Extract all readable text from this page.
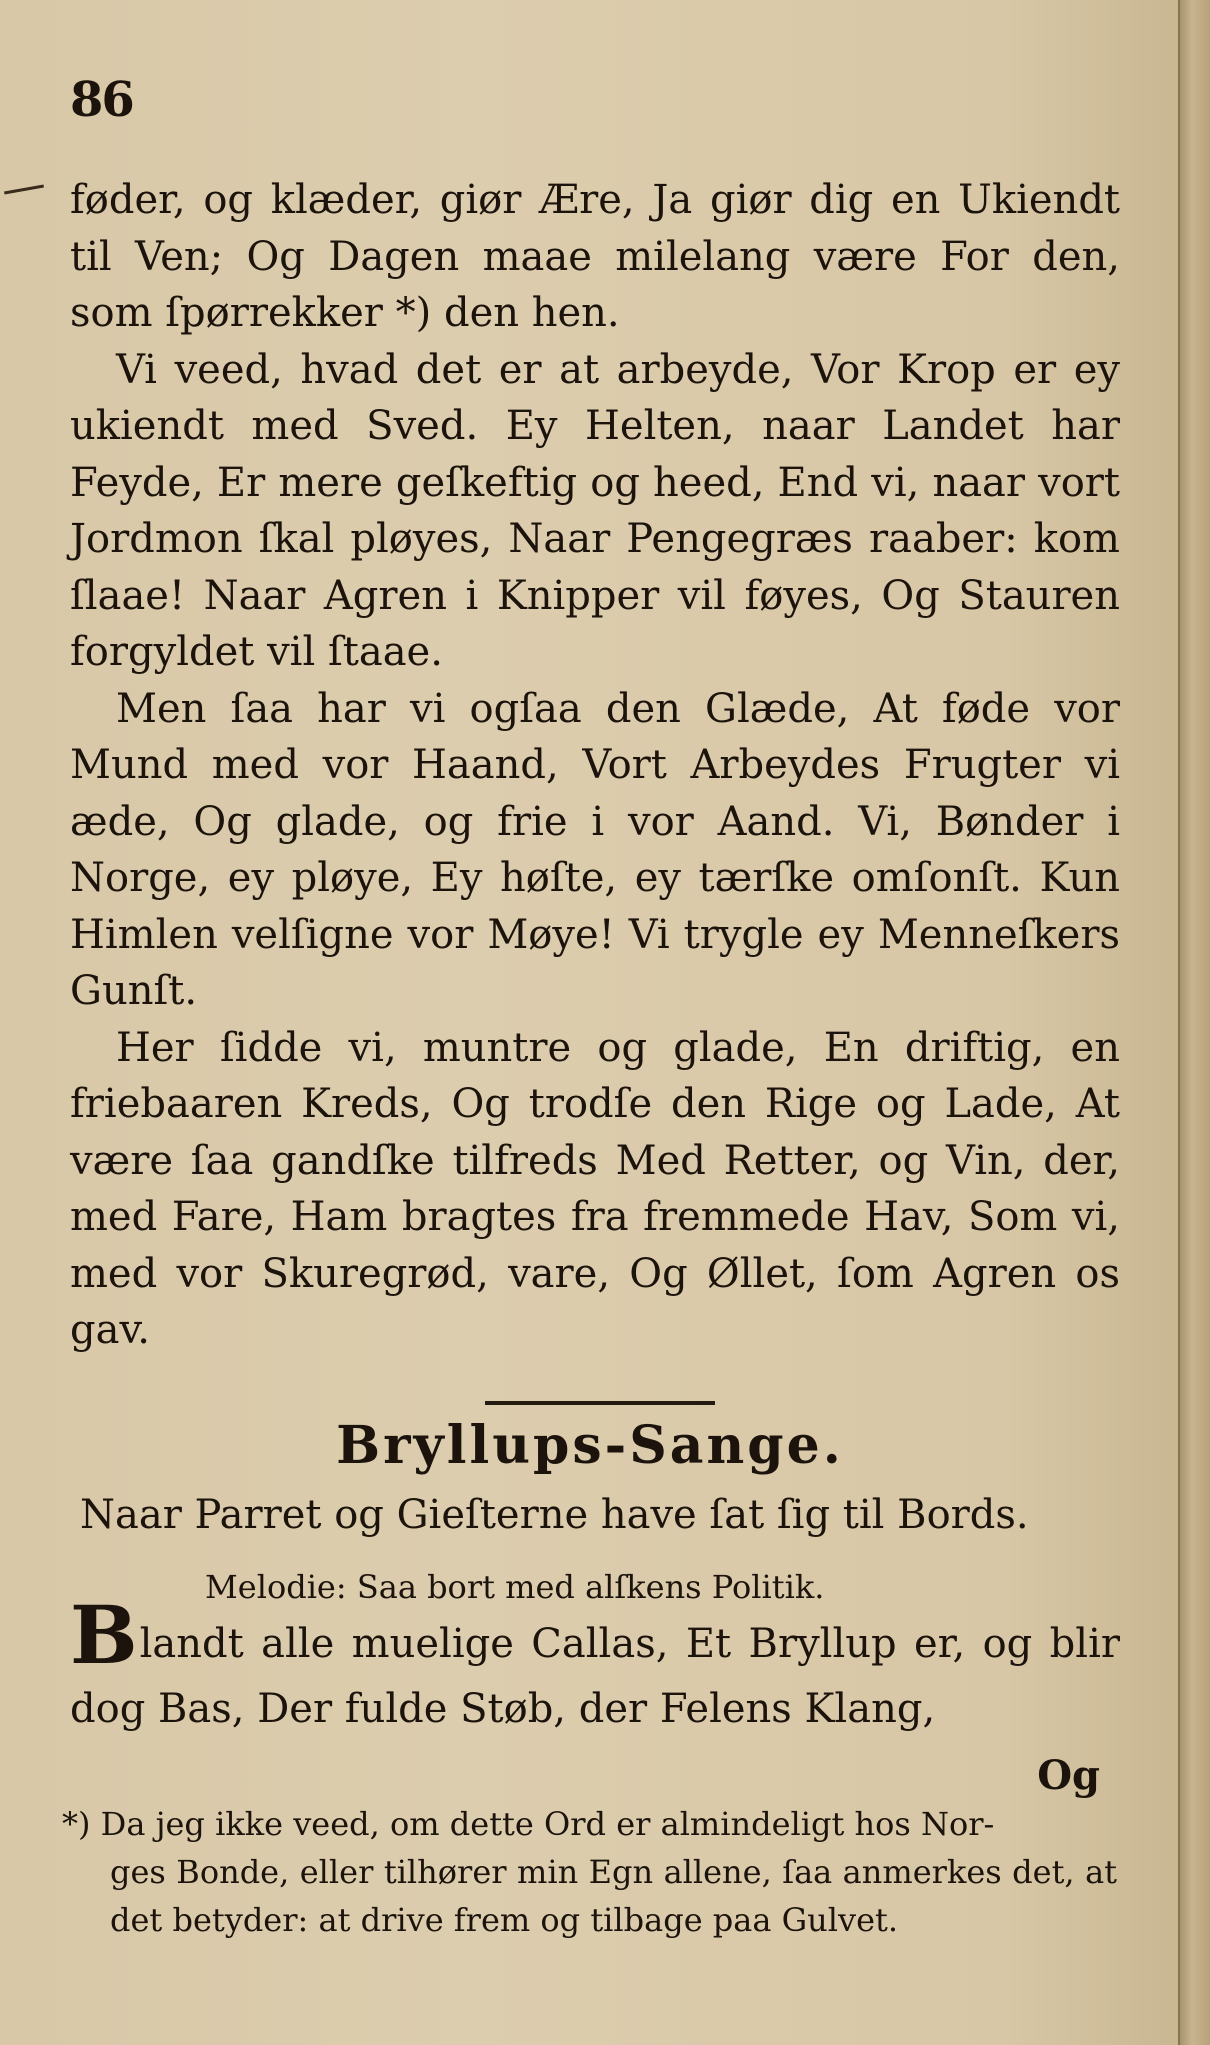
86

føder, og klæder, giør Ære, Ja giør dig en Ukiendt til Ven; Og Dagen maae milelang være For den, som ſpørrekker *) den hen.

Vi veed, hvad det er at arbeyde, Vor Krop er ey ukiendt med Sved. Ey Helten, naar Landet har Feyde, Er mere geſkeftig og heed, End vi, naar vort Jordmon ſkal pløyes, Naar Pengegræs raaber: kom ſlaae! Naar Agren i Knipper vil føyes, Og Stauren forgyldet vil ſtaae.

Men ſaa har vi ogſaa den Glæde, At føde vor Mund med vor Haand, Vort Arbeydes Frugter vi æde, Og glade, og frie i vor Aand. Vi, Bønder i Norge, ey pløye, Ey høſte, ey tærſke omſonſt. Kun Himlen velſigne vor Møye! Vi trygle ey Menneſkers Gunſt.

Her ſidde vi, muntre og glade, En driftig, en friebaaren Kreds, Og trodſe den Rige og Lade, At være ſaa gandſke tilfreds Med Retter, og Vin, der, med Fare, Ham bragtes fra fremmede Hav, Som vi, med vor Skuregrød, vare, Og Øllet, ſom Agren os gav.

Bryllups-Sange.
Naar Parret og Gieſterne have ſat ſig til Bords.
Melodie: Saa bort med alſkens Politik.
Blandt alle muelige Callas, Et Bryllup er, og blir dog Bas, Der fulde Støb, der Felens Klang,
Og
*) Da jeg ikke veed, om dette Ord er almindeligt hos Nor-
ges Bonde, eller tilhører min Egn allene, ſaa anmerkes det, at det betyder: at drive frem og tilbage paa Gulvet.
